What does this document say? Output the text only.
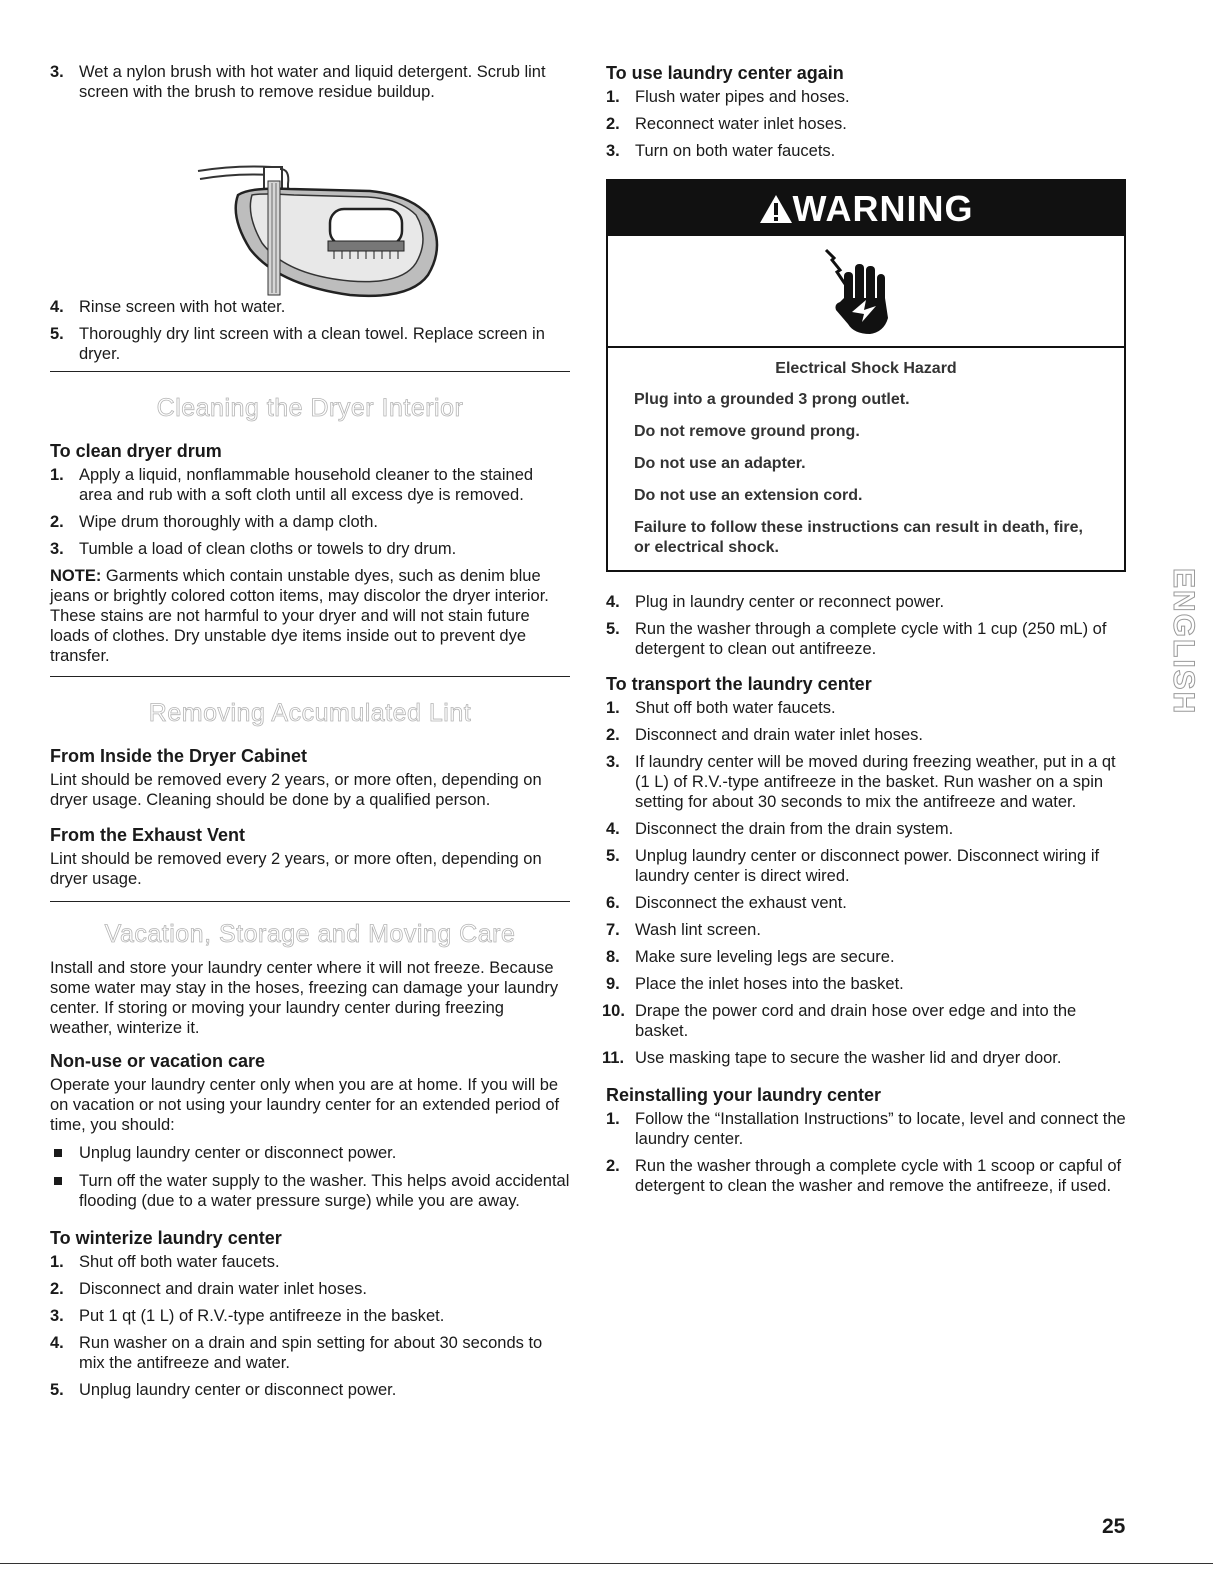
3. Wet a nylon brush with hot water and liquid detergent. Scrub lint screen with the brush to remove residue buildup.
4. Rinse screen with hot water.
5. Thoroughly dry lint screen with a clean towel. Replace screen in dryer.
Cleaning the Dryer Interior
To clean dryer drum
1. Apply a liquid, nonflammable household cleaner to the stained area and rub with a soft cloth until all excess dye is removed.
2. Wipe drum thoroughly with a damp cloth.
3. Tumble a load of clean cloths or towels to dry drum.

NOTE: Garments which contain unstable dyes, such as denim blue jeans or brightly colored cotton items, may discolor the dryer interior. These stains are not harmful to your dryer and will not stain future loads of clothes. Dry unstable dye items inside out to prevent dye transfer.

Removing Accumulated Lint
From Inside the Dryer Cabinet

Lint should be removed every 2 years, or more often, depending on dryer usage. Cleaning should be done by a qualified person.

From the Exhaust Vent

Lint should be removed every 2 years, or more often, depending on dryer usage.

Vacation, Storage and Moving Care

Install and store your laundry center where it will not freeze. Because some water may stay in the hoses, freezing can damage your laundry center. If storing or moving your laundry center during freezing weather, winterize it.

Non-use or vacation care

Operate your laundry center only when you are at home. If you will be on vacation or not using your laundry center for an extended period of time, you should:

Unplug laundry center or disconnect power.
Turn off the water supply to the washer. This helps avoid accidental flooding (due to a water pressure surge) while you are away.
To winterize laundry center
1. Shut off both water faucets.
2. Disconnect and drain water inlet hoses.
3. Put 1 qt (1 L) of R.V.-type antifreeze in the basket.
4. Run washer on a drain and spin setting for about 30 seconds to mix the antifreeze and water.
5. Unplug laundry center or disconnect power.
To use laundry center again
1. Flush water pipes and hoses.
2. Reconnect water inlet hoses.
3. Turn on both water faucets.
WARNING
Electrical Shock Hazard
Plug into a grounded 3 prong outlet.
Do not remove ground prong.
Do not use an adapter.
Do not use an extension cord.
Failure to follow these instructions can result in death, fire, or electrical shock.
4. Plug in laundry center or reconnect power.
5. Run the washer through a complete cycle with 1 cup (250 mL) of detergent to clean out antifreeze.
To transport the laundry center
1. Shut off both water faucets.
2. Disconnect and drain water inlet hoses.
3. If laundry center will be moved during freezing weather, put in a qt (1 L) of R.V.-type antifreeze in the basket. Run washer on a spin setting for about 30 seconds to mix the antifreeze and water.
4. Disconnect the drain from the drain system.
5. Unplug laundry center or disconnect power. Disconnect wiring if laundry center is direct wired.
6. Disconnect the exhaust vent.
7. Wash lint screen.
8. Make sure leveling legs are secure.
9. Place the inlet hoses into the basket.
10. Drape the power cord and drain hose over edge and into the basket.
11. Use masking tape to secure the washer lid and dryer door.
Reinstalling your laundry center
1. Follow the “Installation Instructions” to locate, level and connect the laundry center.
2. Run the washer through a complete cycle with 1 scoop or capful of detergent to clean the washer and remove the antifreeze, if used.
ENGLISH
25
